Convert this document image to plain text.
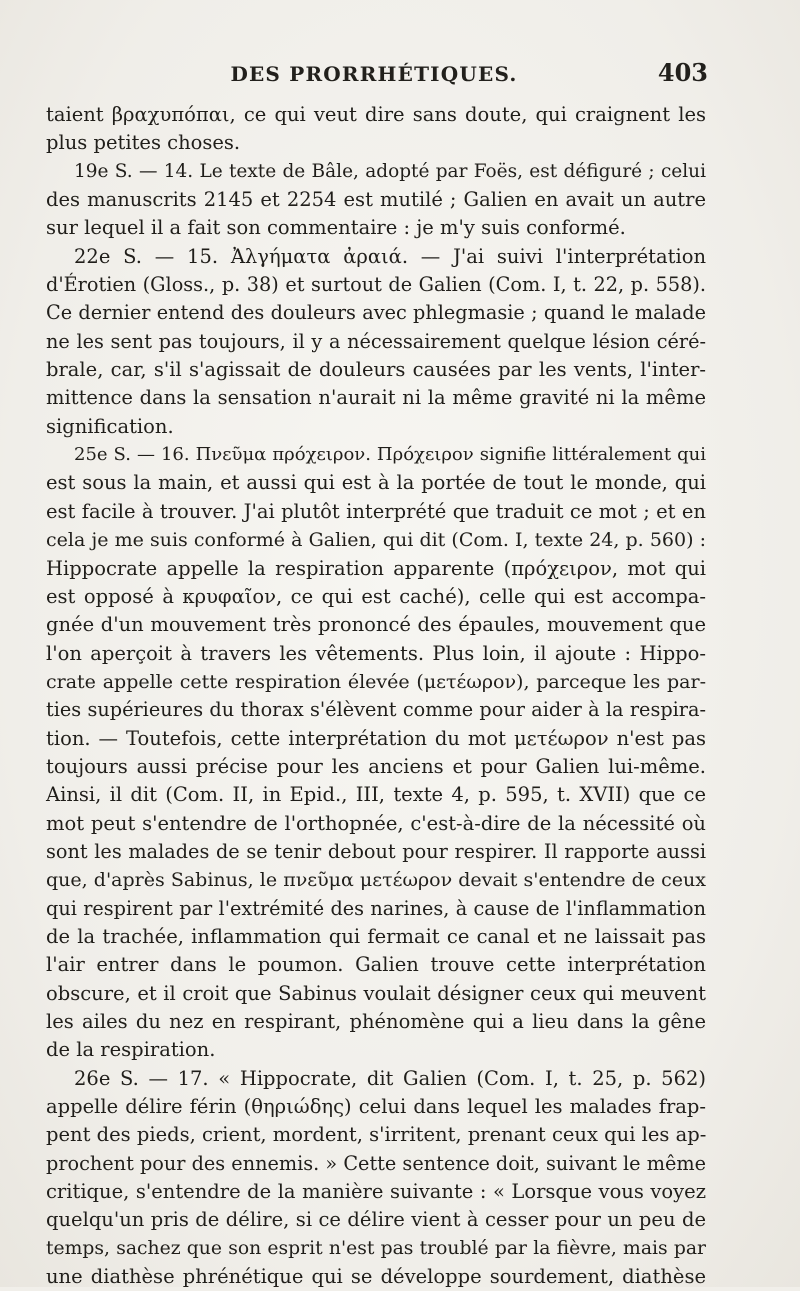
DES PRORRHÉTIQUES.	403
taient βραχυπόπαι, ce qui veut dire sans doute, qui craignent les
plus petites choses.
19e S. — 14. Le texte de Bâle, adopté par Foës, est défiguré ; celui
des manuscrits 2145 et 2254 est mutilé ; Galien en avait un autre
sur lequel il a fait son commentaire : je m'y suis conformé.
22e S. — 15. Ἀλγήματα ἀραιά. — J'ai suivi l'interprétation
d'Érotien (Gloss., p. 38) et surtout de Galien (Com. I, t. 22, p. 558).
Ce dernier entend des douleurs avec phlegmasie ; quand le malade
ne les sent pas toujours, il y a nécessairement quelque lésion céré-
brale, car, s'il s'agissait de douleurs causées par les vents, l'inter-
mittence dans la sensation n'aurait ni la même gravité ni la même
signification.
25e S. — 16. Πνεῦμα πρόχειρον. Πρόχειρον signifie littéralement qui
est sous la main, et aussi qui est à la portée de tout le monde, qui
est facile à trouver. J'ai plutôt interprété que traduit ce mot ; et en
cela je me suis conformé à Galien, qui dit (Com. I, texte 24, p. 560) :
Hippocrate appelle la respiration apparente (πρόχειρον, mot qui
est opposé à κρυφαῖον, ce qui est caché), celle qui est accompa-
gnée d'un mouvement très prononcé des épaules, mouvement que
l'on aperçoit à travers les vêtements. Plus loin, il ajoute : Hippo-
crate appelle cette respiration élevée (μετέωρον), parceque les par-
ties supérieures du thorax s'élèvent comme pour aider à la respira-
tion. — Toutefois, cette interprétation du mot μετέωρον n'est pas
toujours aussi précise pour les anciens et pour Galien lui-même.
Ainsi, il dit (Com. II, in Epid., III, texte 4, p. 595, t. XVII) que ce
mot peut s'entendre de l'orthopnée, c'est-à-dire de la nécessité où
sont les malades de se tenir debout pour respirer. Il rapporte aussi
que, d'après Sabinus, le πνεῦμα μετέωρον devait s'entendre de ceux
qui respirent par l'extrémité des narines, à cause de l'inflammation
de la trachée, inflammation qui fermait ce canal et ne laissait pas
l'air entrer dans le poumon. Galien trouve cette interprétation
obscure, et il croit que Sabinus voulait désigner ceux qui meuvent
les ailes du nez en respirant, phénomène qui a lieu dans la gêne
de la respiration.
26e S. — 17. « Hippocrate, dit Galien (Com. I, t. 25, p. 562)
appelle délire férin (θηριώδης) celui dans lequel les malades frap-
pent des pieds, crient, mordent, s'irritent, prenant ceux qui les ap-
prochent pour des ennemis. » Cette sentence doit, suivant le même
critique, s'entendre de la manière suivante : « Lorsque vous voyez
quelqu'un pris de délire, si ce délire vient à cesser pour un peu de
temps, sachez que son esprit n'est pas troublé par la fièvre, mais par
une diathèse phrénétique qui se développe sourdement, diathèse
